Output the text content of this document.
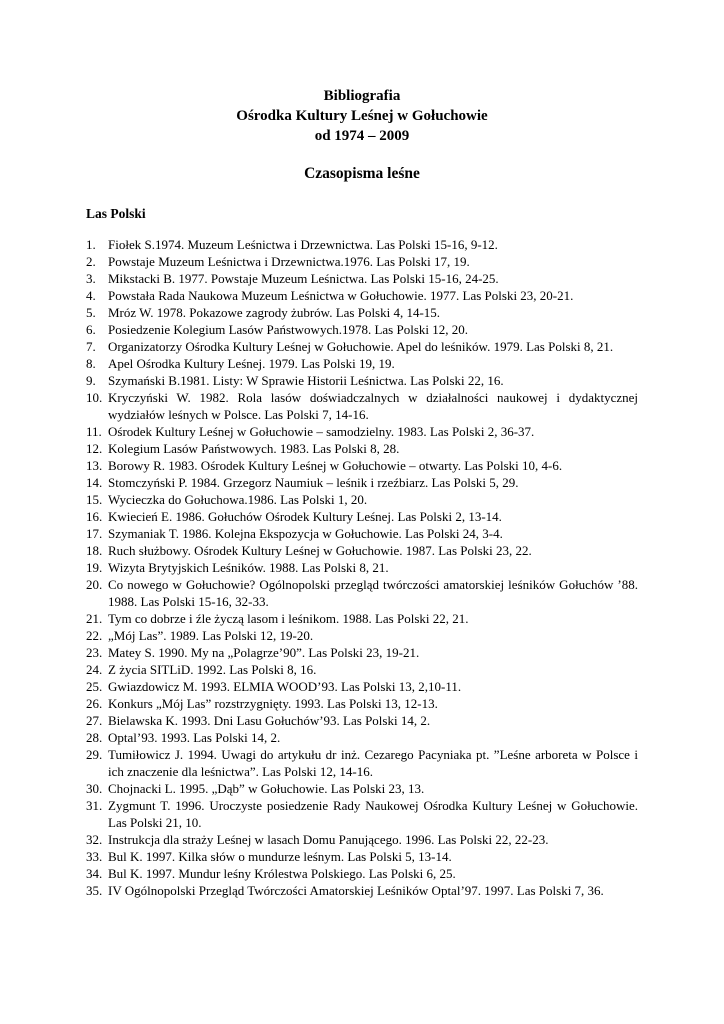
Bibliografia
Ośrodka Kultury Leśnej w Gołuchowie
od 1974 – 2009
Czasopisma leśne
Las Polski
1. Fiołek S.1974. Muzeum Leśnictwa i Drzewnictwa. Las Polski 15-16, 9-12.
2. Powstaje Muzeum Leśnictwa i Drzewnictwa.1976. Las Polski 17, 19.
3. Mikstacki B. 1977. Powstaje Muzeum Leśnictwa. Las Polski 15-16, 24-25.
4. Powstała Rada Naukowa Muzeum Leśnictwa w Gołuchowie. 1977. Las Polski 23, 20-21.
5. Mróz W. 1978. Pokazowe zagrody żubrów. Las Polski 4, 14-15.
6. Posiedzenie Kolegium Lasów Państwowych.1978. Las Polski 12, 20.
7. Organizatorzy Ośrodka Kultury Leśnej w Gołuchowie. Apel do leśników. 1979. Las Polski 8, 21.
8. Apel Ośrodka Kultury Leśnej. 1979. Las Polski 19, 19.
9. Szymański B.1981. Listy: W Sprawie Historii Leśnictwa. Las Polski 22, 16.
10. Kryczyński W. 1982. Rola lasów doświadczalnych w działalności naukowej i dydaktycznej wydziałów leśnych w Polsce. Las Polski 7, 14-16.
11. Ośrodek Kultury Leśnej w Gołuchowie – samodzielny. 1983. Las Polski 2, 36-37.
12. Kolegium Lasów Państwowych. 1983. Las Polski 8, 28.
13. Borowy R. 1983. Ośrodek Kultury Leśnej w Gołuchowie – otwarty. Las Polski 10, 4-6.
14. Stomczyński P. 1984. Grzegorz Naumiuk – leśnik i rzeźbiarz. Las Polski 5, 29.
15. Wycieczka do Gołuchowa.1986. Las Polski 1, 20.
16. Kwiecień E. 1986. Gołuchów Ośrodek Kultury Leśnej. Las Polski 2, 13-14.
17. Szymaniak T. 1986. Kolejna Ekspozycja w Gołuchowie. Las Polski 24, 3-4.
18. Ruch służbowy. Ośrodek Kultury Leśnej w Gołuchowie. 1987. Las Polski 23, 22.
19. Wizyta Brytyjskich Leśników. 1988. Las Polski 8, 21.
20. Co nowego w Gołuchowie? Ogólnopolski przegląd twórczości amatorskiej leśników Gołuchów ’88. 1988. Las Polski 15-16, 32-33.
21. Tym co dobrze i źle życzą lasom i leśnikom. 1988. Las Polski 22, 21.
22. „Mój Las”. 1989. Las Polski 12, 19-20.
23. Matey S. 1990. My na „Polagrze’90”. Las Polski 23, 19-21.
24. Z życia SITLiD. 1992. Las Polski 8, 16.
25. Gwiazdowicz M. 1993. ELMIA WOOD’93. Las Polski 13, 2,10-11.
26. Konkurs „Mój Las” rozstrzygnięty. 1993. Las Polski 13, 12-13.
27. Bielawska K. 1993. Dni Lasu Gołuchów’93. Las Polski 14, 2.
28. Optal’93. 1993. Las Polski 14, 2.
29. Tumiłowicz J. 1994. Uwagi do artykułu dr inż. Cezarego Pacyniaka pt. ”Leśne arboreta w Polsce i ich znaczenie dla leśnictwa”. Las Polski 12, 14-16.
30. Chojnacki L. 1995. „Dąb” w Gołuchowie. Las Polski 23, 13.
31. Zygmunt T. 1996. Uroczyste posiedzenie Rady Naukowej Ośrodka Kultury Leśnej w Gołuchowie. Las Polski 21, 10.
32. Instrukcja dla straży Leśnej w lasach Domu Panującego. 1996. Las Polski 22, 22-23.
33. Bul K. 1997. Kilka słów o mundurze leśnym. Las Polski 5, 13-14.
34. Bul K. 1997. Mundur leśny Królestwa Polskiego. Las Polski 6, 25.
35. IV Ogólnopolski Przegląd Twórczości Amatorskiej Leśników Optal’97. 1997. Las Polski 7, 36.
